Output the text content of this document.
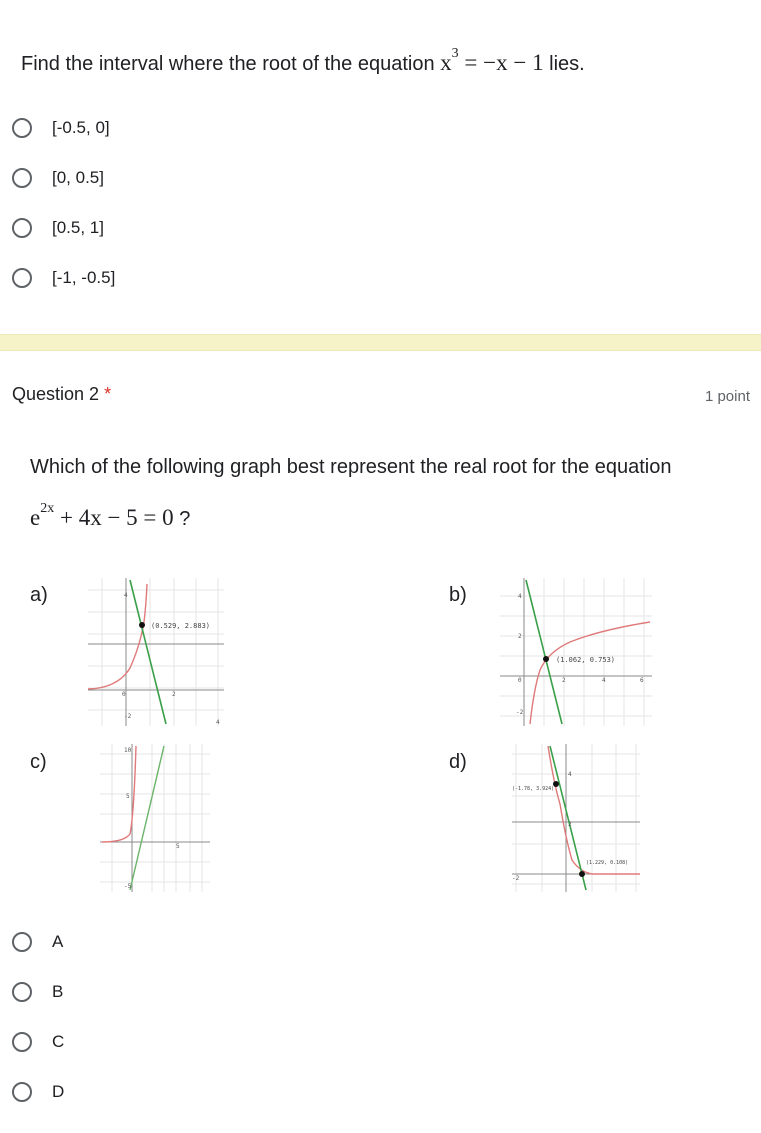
Find the interval where the root of the equation $x^3 = -x - 1$ lies.
[-0.5, 0]
[0, 0.5]
[0.5, 1]
[-1, -0.5]
Question 2 *	1 point
Which of the following graph best represent the real root for the equation
$e^{2x} + 4x - 5 = 0$ ?
a)	b)
c)	d)
4
0	2
-2
4
(0.529, 2.883)
4
2
0	2	4	6
-2
(1.062, 0.753)
10
5
5
-5
4
2
-2
(-1.78, 3.924)
(1.229, 0.108)
A
B
C
D
